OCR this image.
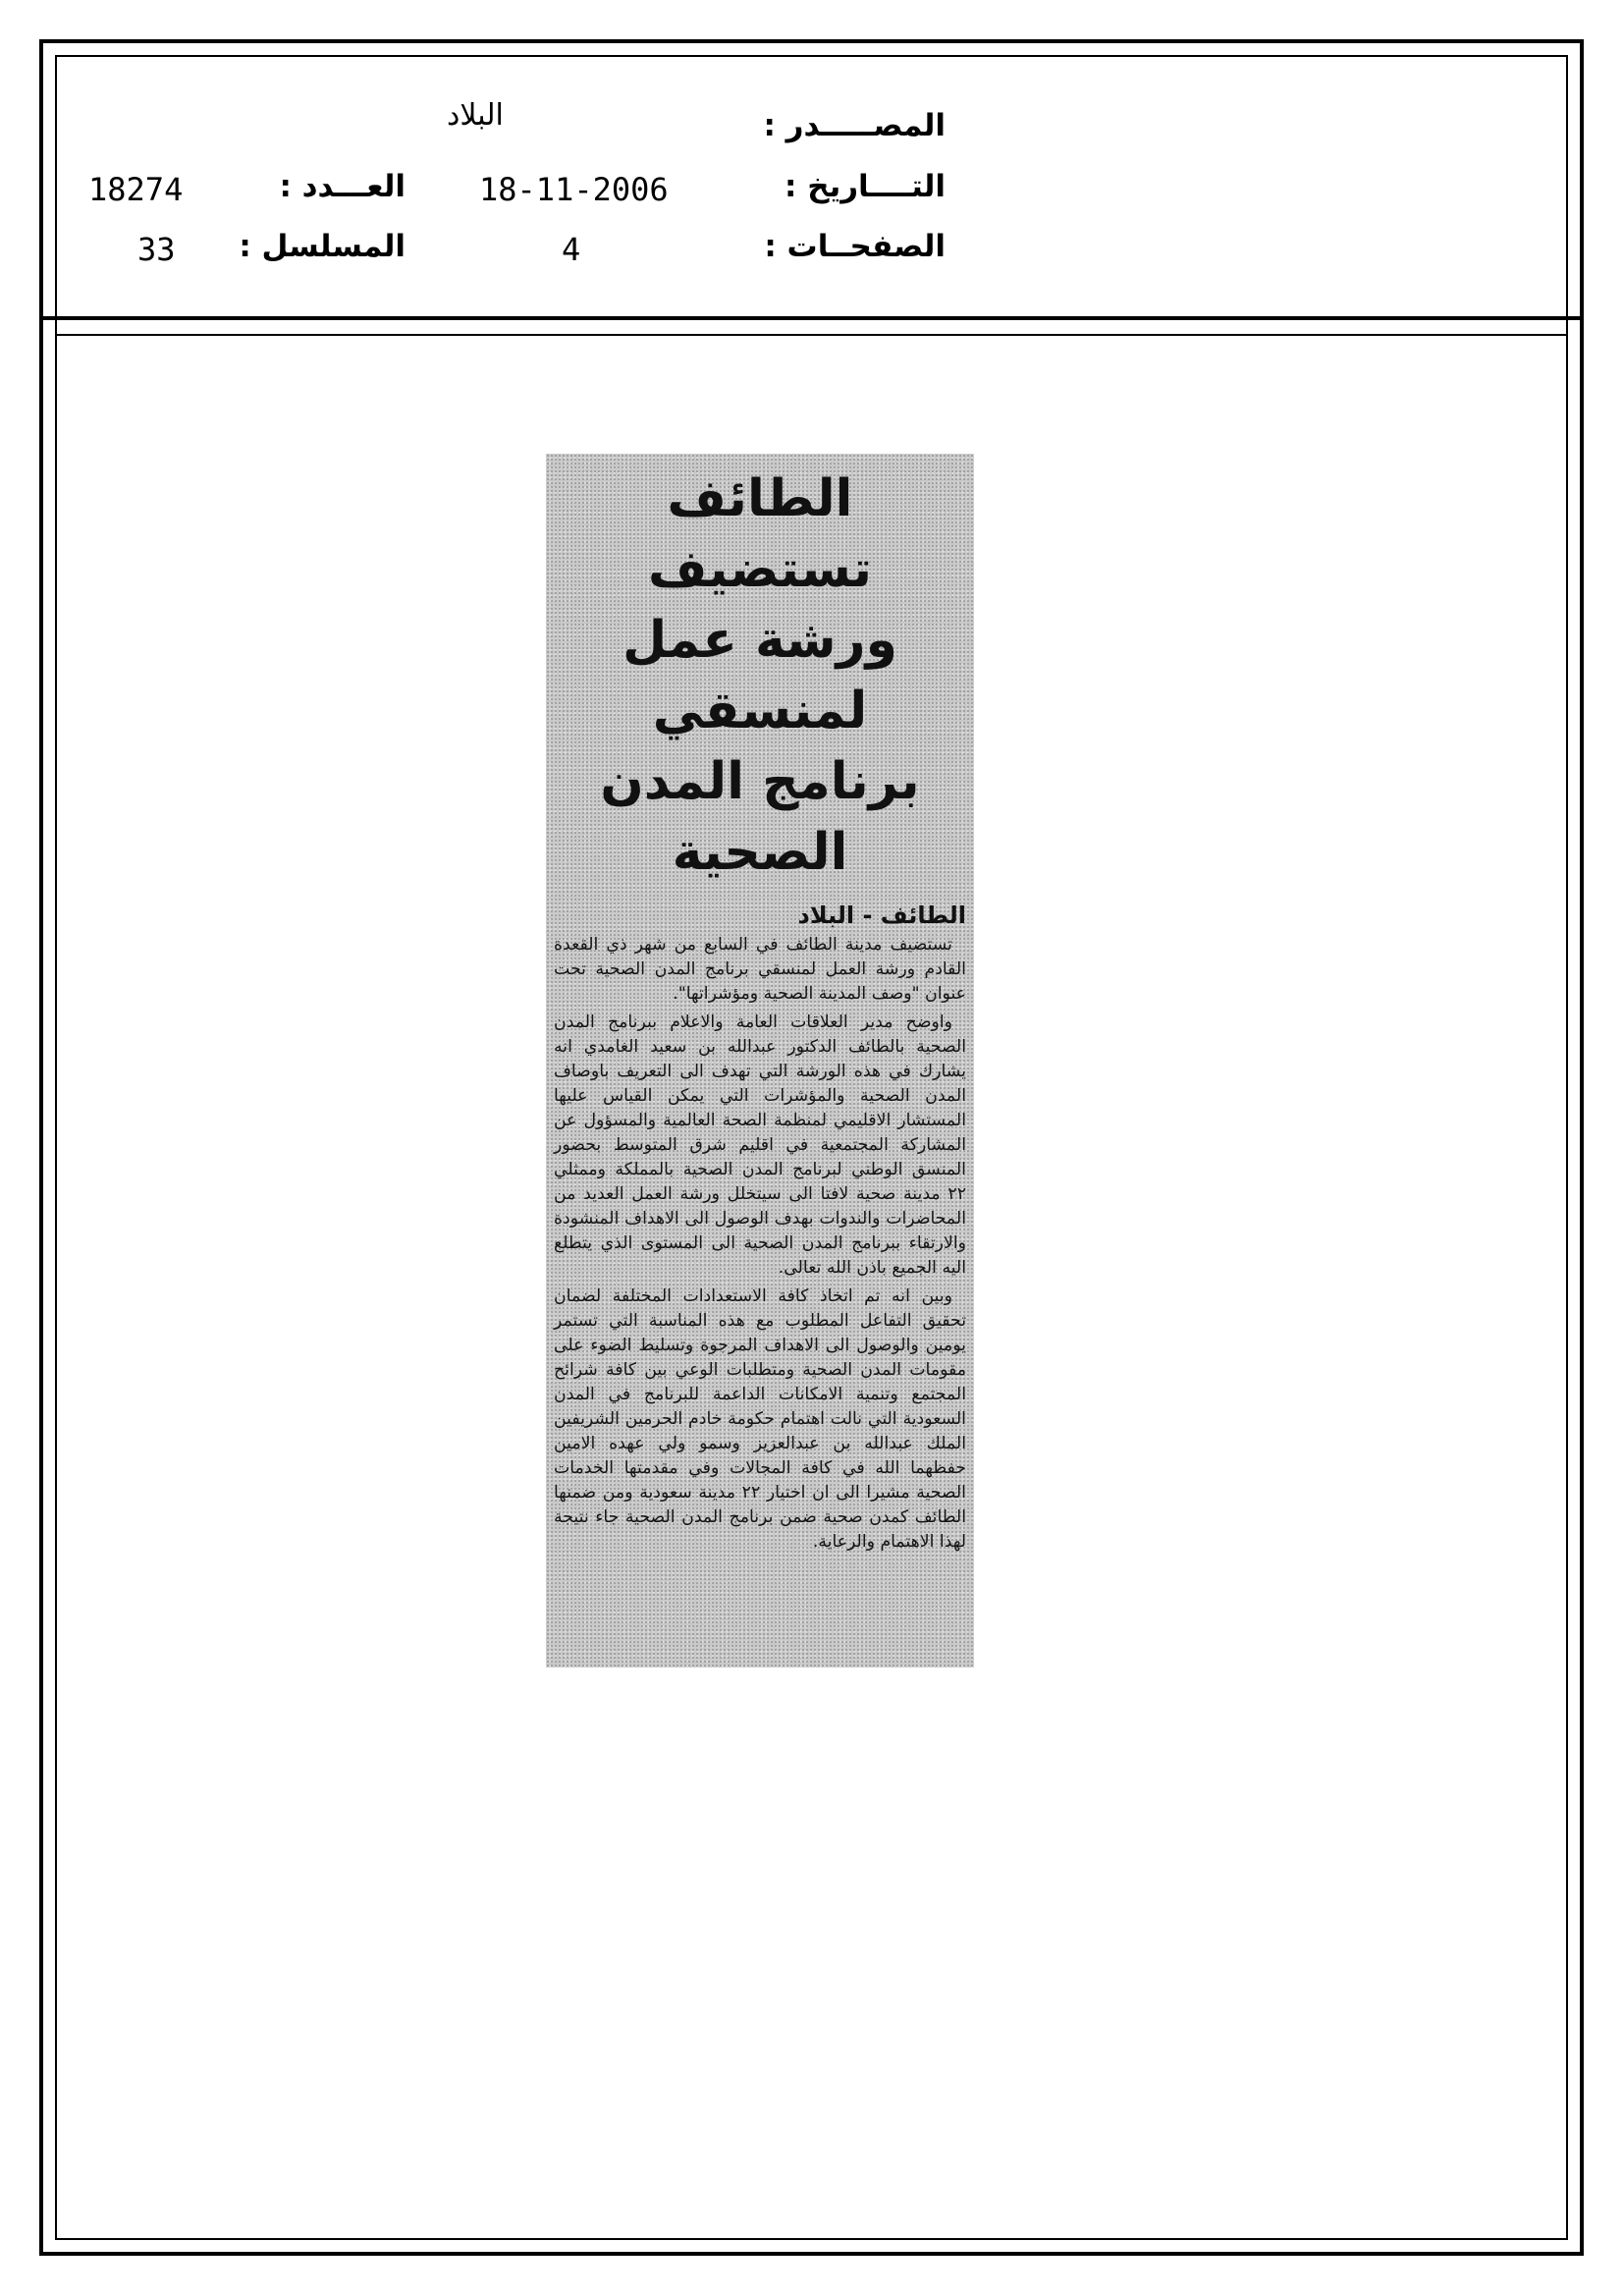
المصـــــدر :
البلاد
التــــاريخ :
18-11-2006
العـــدد :
18274
الصفحــات :
4
المسلسل :
33
الطائف تستضيف
ورشة عمل لمنسقي
برنامج المدن الصحية
الطائف - البلاد

تستضيف مدينة الطائف في السابع من شهر ذي القعدة القادم ورشة العمل لمنسقي برنامج المدن الصحية تحت عنوان "وصف المدينة الصحية ومؤشراتها".

واوضح مدير العلاقات العامة والاعلام ببرنامج المدن الصحية بالطائف الدكتور عبدالله بن سعيد الغامدي انه يشارك في هذه الورشة التي تهدف الى التعريف باوصاف المدن الصحية والمؤشرات التي يمكن القياس عليها المستشار الاقليمي لمنظمة الصحة العالمية والمسؤول عن المشاركة المجتمعية في اقليم شرق المتوسط بحضور المنسق الوطني لبرنامج المدن الصحية بالمملكة وممثلي ٢٢ مدينة صحية لافتا الى سيتخلل ورشة العمل العديد من المحاضرات والندوات بهدف الوصول الى الاهداف المنشودة والارتقاء ببرنامج المدن الصحية الى المستوى الذي يتطلع اليه الجميع باذن الله تعالى.

وبين انه تم اتخاذ كافة الاستعدادات المختلفة لضمان تحقيق التفاعل المطلوب مع هذه المناسبة التي تستمر يومين والوصول الى الاهداف المرجوة وتسليط الضوء على مقومات المدن الصحية ومتطلبات الوعي بين كافة شرائح المجتمع وتنمية الامكانات الداعمة للبرنامج في المدن السعودية التي نالت اهتمام حكومة خادم الحرمين الشريفين الملك عبدالله بن عبدالعزيز وسمو ولي عهده الامين حفظهما الله في كافة المجالات وفي مقدمتها الخدمات الصحية مشيرا الى ان اختيار ٢٢ مدينة سعودية ومن ضمنها الطائف كمدن صحية ضمن برنامج المدن الصحية جاء نتيجة لهذا الاهتمام والرعاية.
